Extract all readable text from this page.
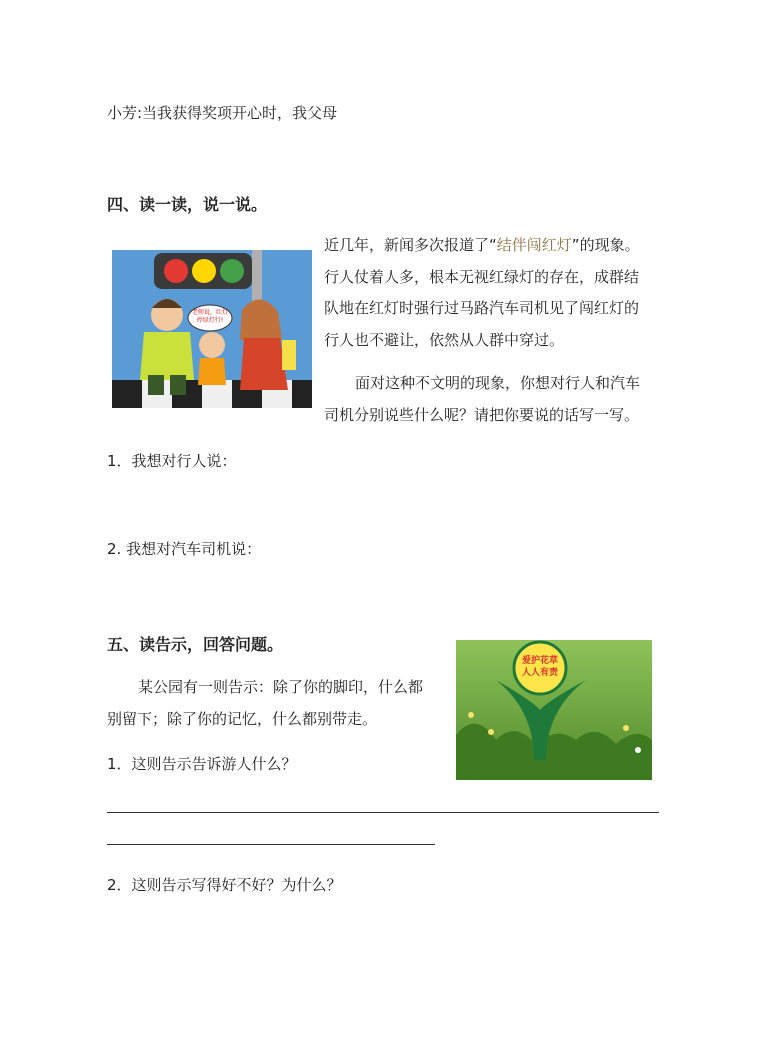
小芳:当我获得奖项开心时，我父母
四、读一读，说一说。
老师说，红灯停绿灯行!
近几年，新闻多次报道了“结伴闯红灯”的现象。
行人仗着人多，根本无视红绿灯的存在，成群结
队地在红灯时强行过马路汽车司机见了闯红灯的
行人也不避让，依然从人群中穿过。
面对这种不文明的现象，你想对行人和汽车
司机分别说些什么呢？请把你要说的话写一写。
1．我想对行人说：
2. 我想对汽车司机说：
五、读告示，回答问题。
某公园有一则告示：除了你的脚印，什么都
别留下；除了你的记忆，什么都别带走。
爱护花草
人人有责
1．这则告示告诉游人什么？
2．这则告示写得好不好？为什么？
